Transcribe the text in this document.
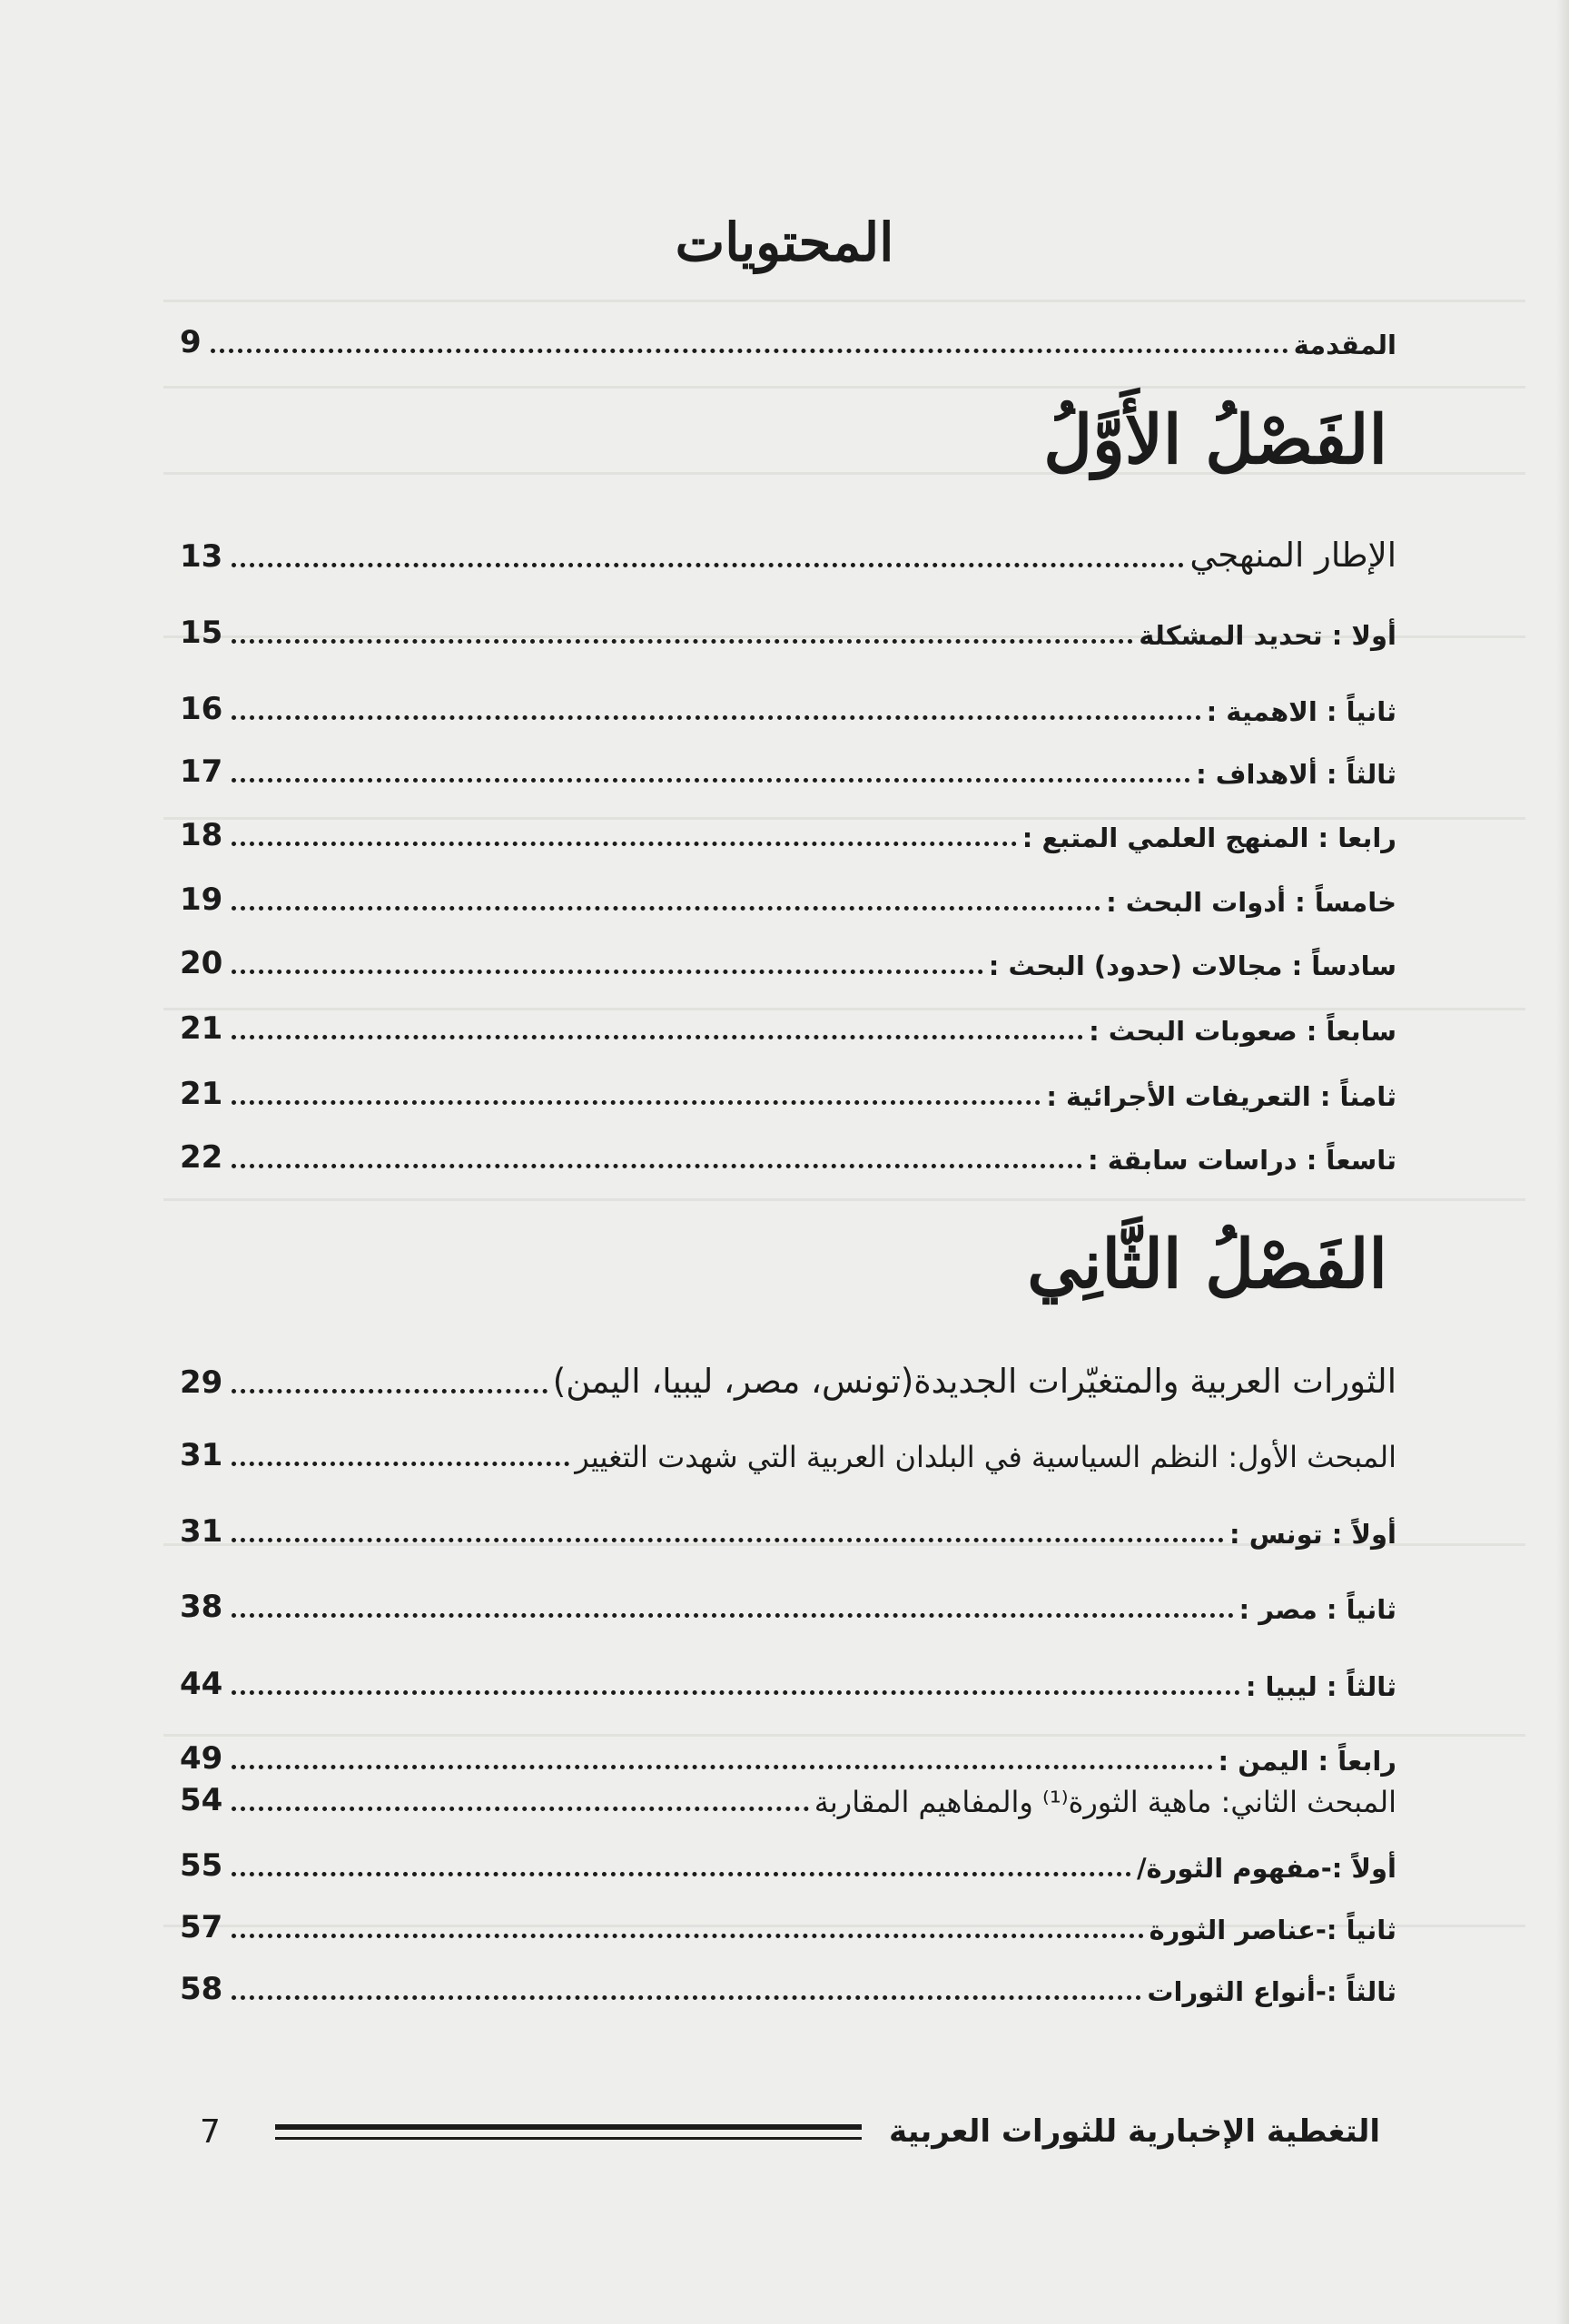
المحتويات
المقدمة
9
الفَصْلُ الأَوَّلُ
الإطار المنهجي
13
أولا : تحديد المشكلة
15
ثانياً : الاهمية :
16
ثالثاً : ألاهداف :
17
رابعا : المنهج العلمي المتبع :
18
خامساً : أدوات البحث :
19
سادساً : مجالات (حدود) البحث :
20
سابعاً : صعوبات البحث :
21
ثامناً : التعريفات الأجرائية :
21
تاسعاً : دراسات سابقة :
22
الفَصْلُ الثَّانِي
الثورات العربية والمتغيّرات الجديدة(تونس، مصر، ليبيا، اليمن)
29
المبحث الأول: النظم السياسية في البلدان العربية التي شهدت التغيير
31
أولاً : تونس :
31
ثانياً : مصر :
38
ثالثاً : ليبيا :
44
رابعاً : اليمن :
49
المبحث الثاني: ماهية الثورة⁽¹⁾ والمفاهيم المقاربة
54
أولاً :-مفهوم الثورة/
55
ثانياً :-عناصر الثورة
57
ثالثاً :-أنواع الثورات
58
التغطية الإخبارية للثورات العربية
7
